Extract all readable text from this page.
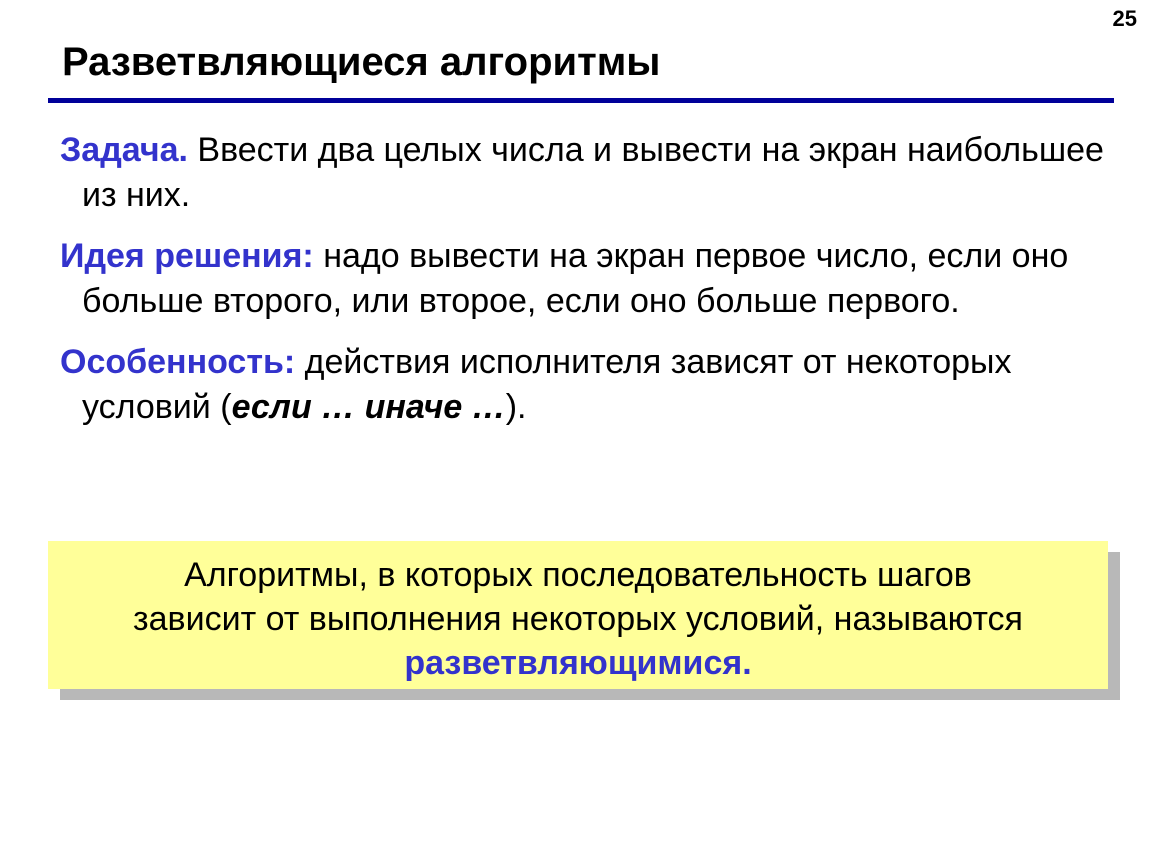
25
Разветвляющиеся алгоритмы

Задача. Ввести два целых числа и вывести на экран наибольшее из них.

Идея решения: надо вывести на экран первое число, если оно больше второго, или второе, если оно больше первого.

Особенность: действия исполнителя зависят от некоторых условий (если … иначе …).

Алгоритмы, в которых последовательность шагов
зависит от выполнения некоторых условий, называются
разветвляющимися.
